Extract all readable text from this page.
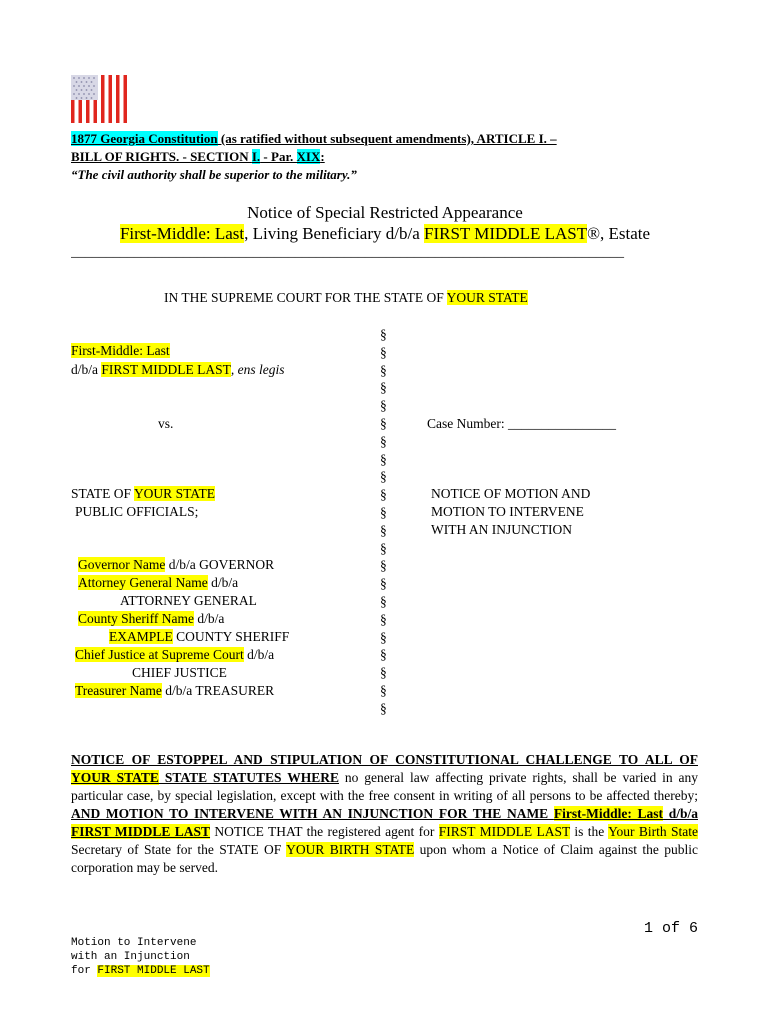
1877 Georgia Constitution (as ratified without subsequent amendments), ARTICLE I. –
BILL OF RIGHTS. - SECTION I. - Par. XIX:
“The civil authority shall be superior to the military.”
Notice of Special Restricted Appearance
First-Middle: Last, Living Beneficiary d/b/a FIRST MIDDLE LAST®, Estate
_______________________________________________________________________________
IN THE SUPREME COURT FOR THE STATE OF YOUR STATE
§
§
§
§
§
§
§
§
§
§
§
§
§
§
§
§
§
§
§
§
§
§
First-Middle: Last
d/b/a FIRST MIDDLE LAST, ens legis
vs.	Case Number: ________________
STATE OF YOUR STATE
PUBLIC OFFICIALS;
NOTICE OF MOTION AND
MOTION TO INTERVENE
WITH AN INJUNCTION
Governor Name d/b/a GOVERNOR
Attorney General Name d/b/a
ATTORNEY GENERAL
County Sheriff Name d/b/a
EXAMPLE COUNTY SHERIFF
Chief Justice at Supreme Court d/b/a
CHIEF JUSTICE
Treasurer Name d/b/a TREASURER
NOTICE OF ESTOPPEL AND STIPULATION OF CONSTITUTIONAL CHALLENGE TO ALL OF YOUR STATE STATE STATUTES WHERE no general law affecting private rights, shall be varied in any particular case, by special legislation, except with the free consent in writing of all persons to be affected thereby; AND MOTION TO INTERVENE WITH AN INJUNCTION FOR THE NAME First-Middle: Last d/b/a FIRST MIDDLE LAST NOTICE THAT the registered agent for FIRST MIDDLE LAST is the Your Birth State Secretary of State for the STATE OF YOUR BIRTH STATE upon whom a Notice of Claim against the public corporation may be served.
1 of 6
Motion to Intervene
with an Injunction
for FIRST MIDDLE LAST
